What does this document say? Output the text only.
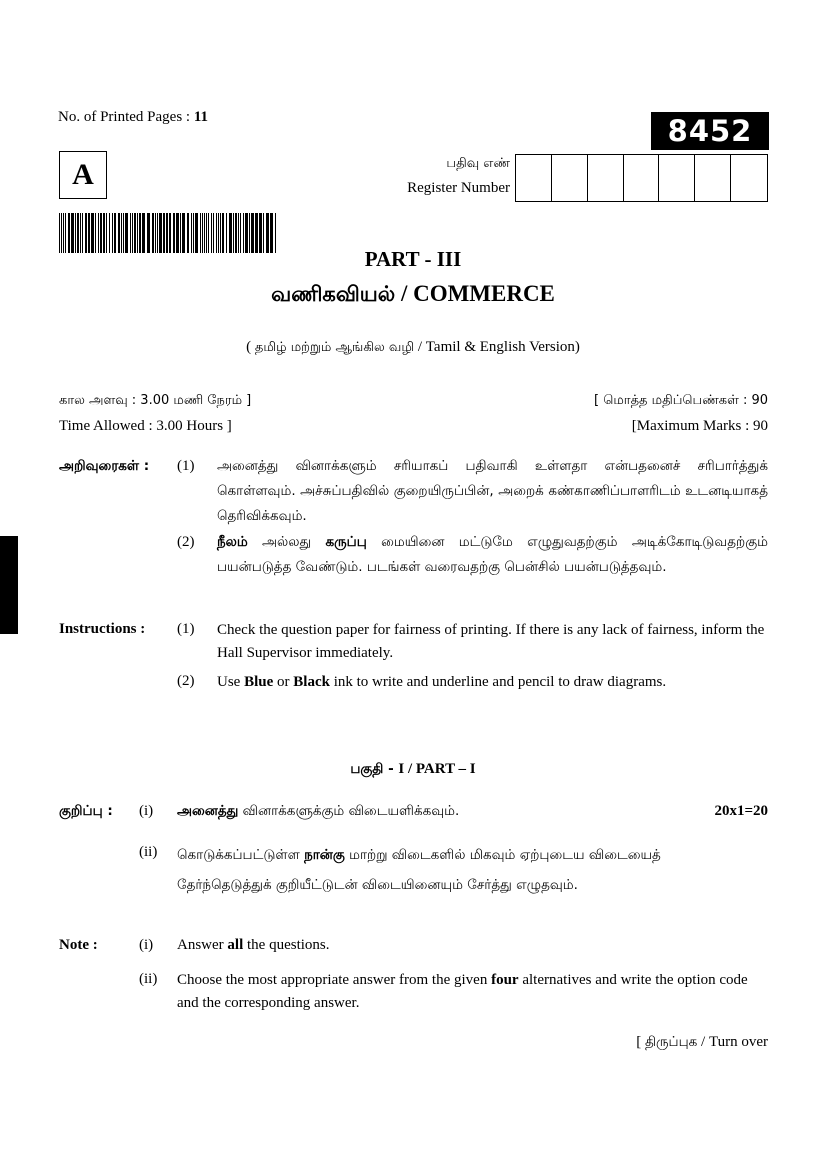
No. of Printed Pages : 11	8452
A	பதிவு எண்
Register Number
PART - III
வணிகவியல் / COMMERCE
( தமிழ் மற்றும் ஆங்கில வழி / Tamil & English Version)
கால அளவு : 3.00 மணி நேரம் ]
Time Allowed : 3.00 Hours ]
[ மொத்த மதிப்பெண்கள் : 90
[Maximum Marks : 90
அறிவுரைகள் : (1) அனைத்து வினாக்களும் சரியாகப் பதிவாகி உள்ளதா என்பதனைச் சரிபார்த்துக் கொள்ளவும். அச்சுப்பதிவில் குறையிருப்பின், அறைக் கண்காணிப்பாளரிடம் உடனடியாகத் தெரிவிக்கவும்.
(2) நீலம் அல்லது கருப்பு மையினை மட்டுமே எழுதுவதற்கும் அடிக்கோடிடுவதற்கும் பயன்படுத்த வேண்டும். படங்கள் வரைவதற்கு பென்சில் பயன்படுத்தவும்.
Instructions : (1) Check the question paper for fairness of printing. If there is any lack of fairness, inform the Hall Supervisor immediately.
(2) Use Blue or Black ink to write and underline and pencil to draw diagrams.
பகுதி - I / PART – I
குறிப்பு : (i) அனைத்து வினாக்களுக்கும் விடையளிக்கவும்.	20x1=20
(ii) கொடுக்கப்பட்டுள்ள நான்கு மாற்று விடைகளில் மிகவும் ஏற்புடைய விடையைத் தேர்ந்தெடுத்துக் குறியீட்டுடன் விடையினையும் சேர்த்து எழுதவும்.
Note :	(i) Answer all the questions.
(ii) Choose the most appropriate answer from the given four alternatives and write the option code and the corresponding answer.
[ திருப்புக / Turn over
